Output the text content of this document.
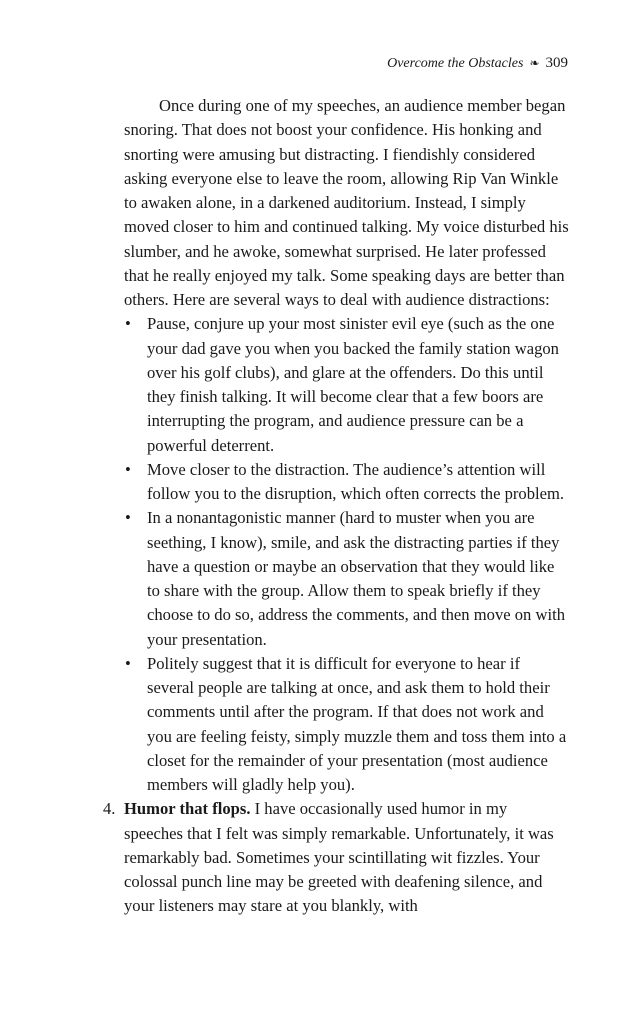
Overcome the Obstacles ❧ 309

Once during one of my speeches, an audience member began snoring. That does not boost your confidence. His honking and snorting were amusing but distracting. I fiendishly considered asking everyone else to leave the room, allowing Rip Van Winkle to awaken alone, in a darkened auditorium. Instead, I simply moved closer to him and continued talking. My voice disturbed his slumber, and he awoke, somewhat surprised. He later professed that he really enjoyed my talk. Some speaking days are better than others. Here are several ways to deal with audience distractions:

• Pause, conjure up your most sinister evil eye (such as the one your dad gave you when you backed the family station wagon over his golf clubs), and glare at the offenders. Do this until they finish talking. It will become clear that a few boors are interrupting the program, and audience pressure can be a powerful deterrent.
• Move closer to the distraction. The audience’s attention will follow you to the disruption, which often corrects the problem.
• In a nonantagonistic manner (hard to muster when you are seething, I know), smile, and ask the distracting parties if they have a question or maybe an observation that they would like to share with the group. Allow them to speak briefly if they choose to do so, address the comments, and then move on with your presentation.
• Politely suggest that it is difficult for everyone to hear if several people are talking at once, and ask them to hold their comments until after the program. If that does not work and you are feeling feisty, simply muzzle them and toss them into a closet for the remainder of your presentation (most audience members will gladly help you).

4. Humor that flops. I have occasionally used humor in my speeches that I felt was simply remarkable. Unfortunately, it was remarkably bad. Sometimes your scintillating wit fizzles. Your colossal punch line may be greeted with deafening silence, and your listeners may stare at you blankly, with
